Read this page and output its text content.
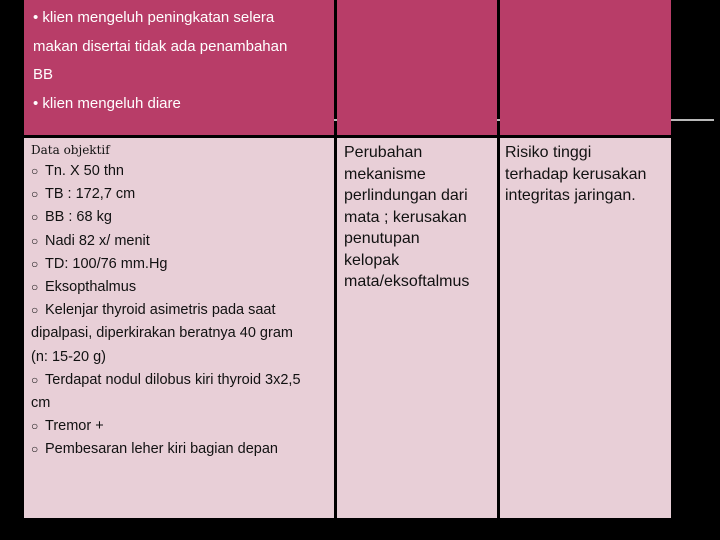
• klien mengeluh peningkatan selera
makan disertai tidak ada penambahan
BB
• klien mengeluh diare
Data objektif
○ Tn. X 50 thn
○ TB : 172,7 cm
○ BB : 68 kg
○ Nadi 82 x/ menit
○ TD: 100/76 mm.Hg
○ Eksopthalmus
○ Kelenjar thyroid asimetris pada saat
dipalpasi, diperkirakan beratnya 40 gram
(n: 15-20 g)
○ Terdapat nodul dilobus kiri thyroid 3x2,5
cm
○ Tremor +
○ Pembesaran leher kiri bagian depan
Perubahan
mekanisme
perlindungan dari
mata ; kerusakan
penutupan
kelopak
mata/eksoftalmus
Risiko tinggi
terhadap kerusakan
integritas jaringan.
